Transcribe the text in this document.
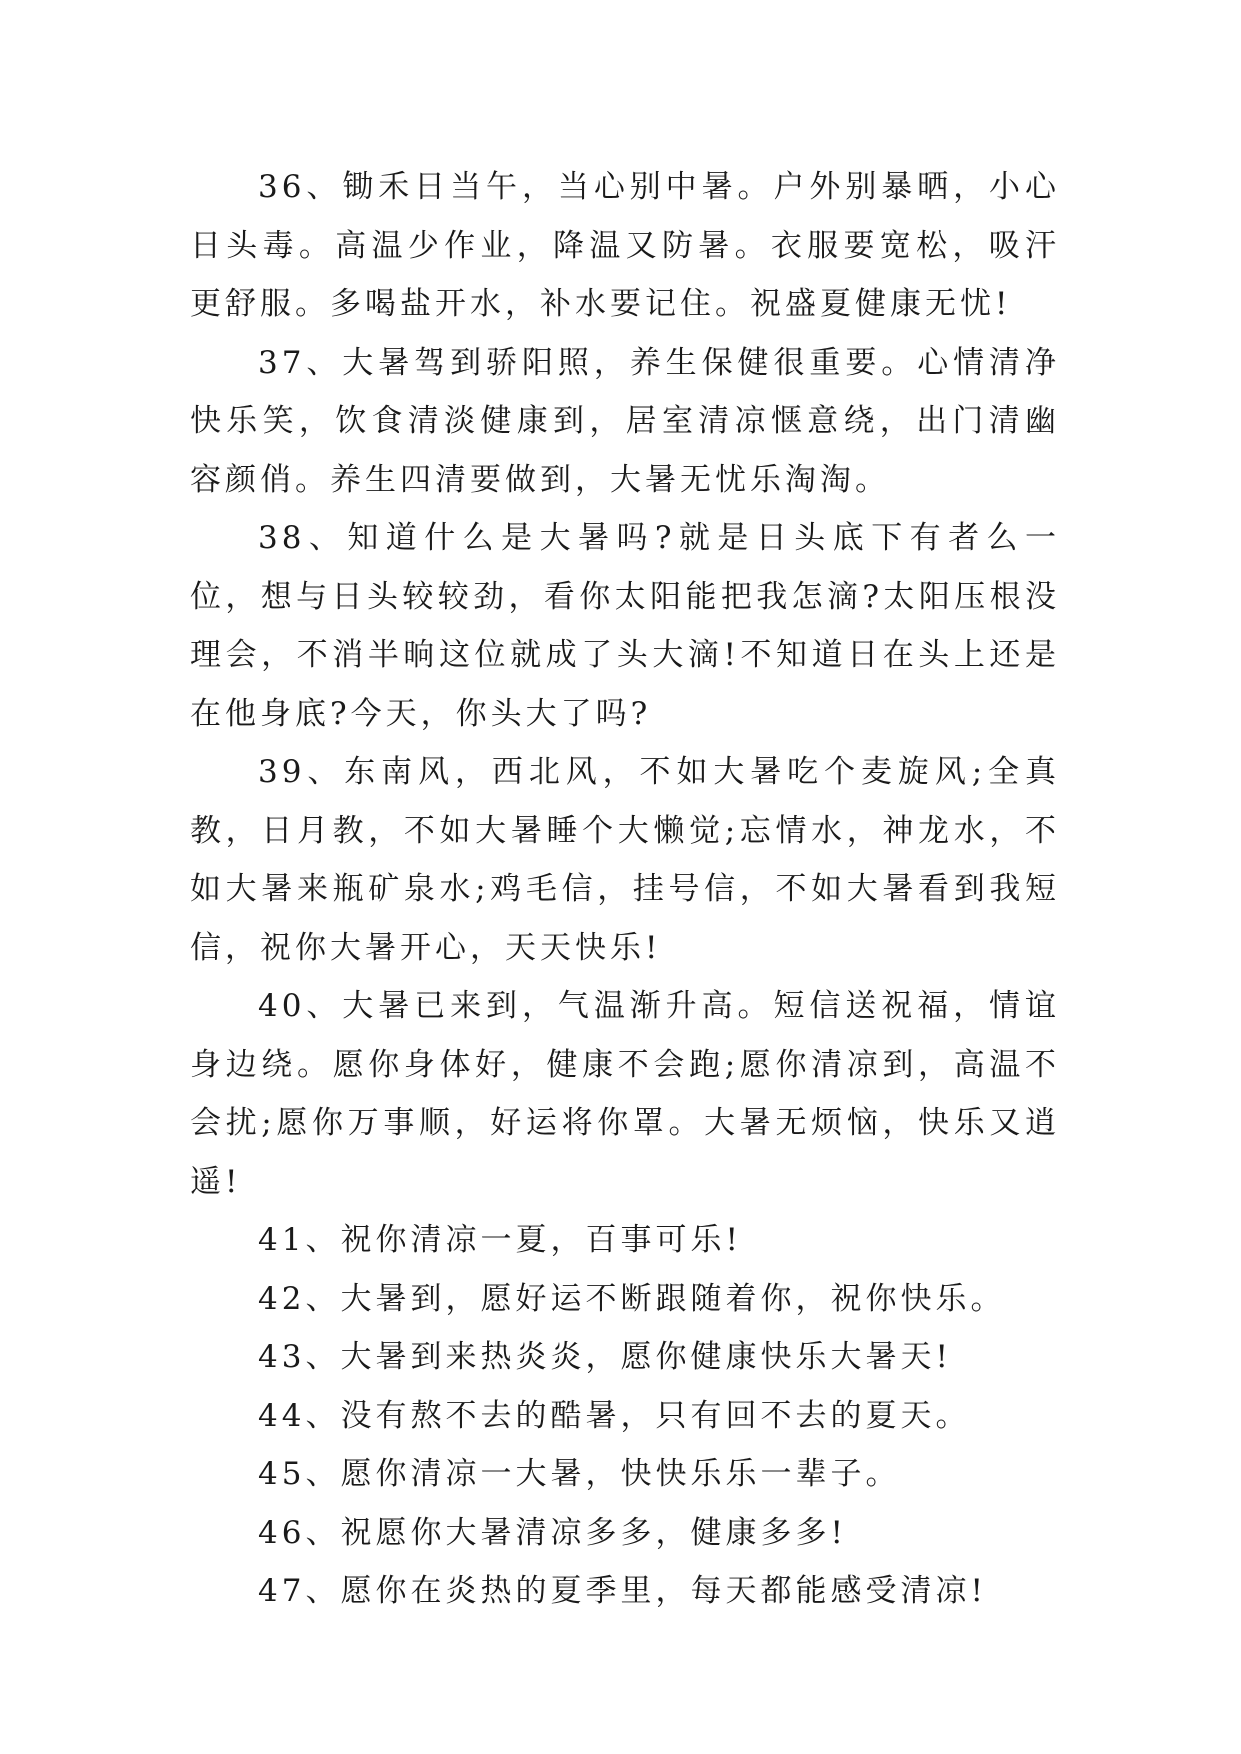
36、锄禾日当午，当心别中暑。户外别暴晒，小心日头毒。高温少作业，降温又防暑。衣服要宽松，吸汗更舒服。多喝盐开水，补水要记住。祝盛夏健康无忧!

37、大暑驾到骄阳照，养生保健很重要。心情清净快乐笑，饮食清淡健康到，居室清凉惬意绕，出门清幽容颜俏。养生四清要做到，大暑无忧乐淘淘。

38、知道什么是大暑吗?就是日头底下有者么一位，想与日头较较劲，看你太阳能把我怎滴?太阳压根没理会，不消半晌这位就成了头大滴!不知道日在头上还是在他身底?今天，你头大了吗?

39、东南风，西北风，不如大暑吃个麦旋风;全真教，日月教，不如大暑睡个大懒觉;忘情水，神龙水，不如大暑来瓶矿泉水;鸡毛信，挂号信，不如大暑看到我短信，祝你大暑开心，天天快乐!

40、大暑已来到，气温渐升高。短信送祝福，情谊身边绕。愿你身体好，健康不会跑;愿你清凉到，高温不会扰;愿你万事顺，好运将你罩。大暑无烦恼，快乐又逍遥!

41、祝你清凉一夏，百事可乐!

42、大暑到，愿好运不断跟随着你，祝你快乐。

43、大暑到来热炎炎，愿你健康快乐大暑天!

44、没有熬不去的酷暑，只有回不去的夏天。

45、愿你清凉一大暑，快快乐乐一辈子。

46、祝愿你大暑清凉多多，健康多多!

47、愿你在炎热的夏季里，每天都能感受清凉!
